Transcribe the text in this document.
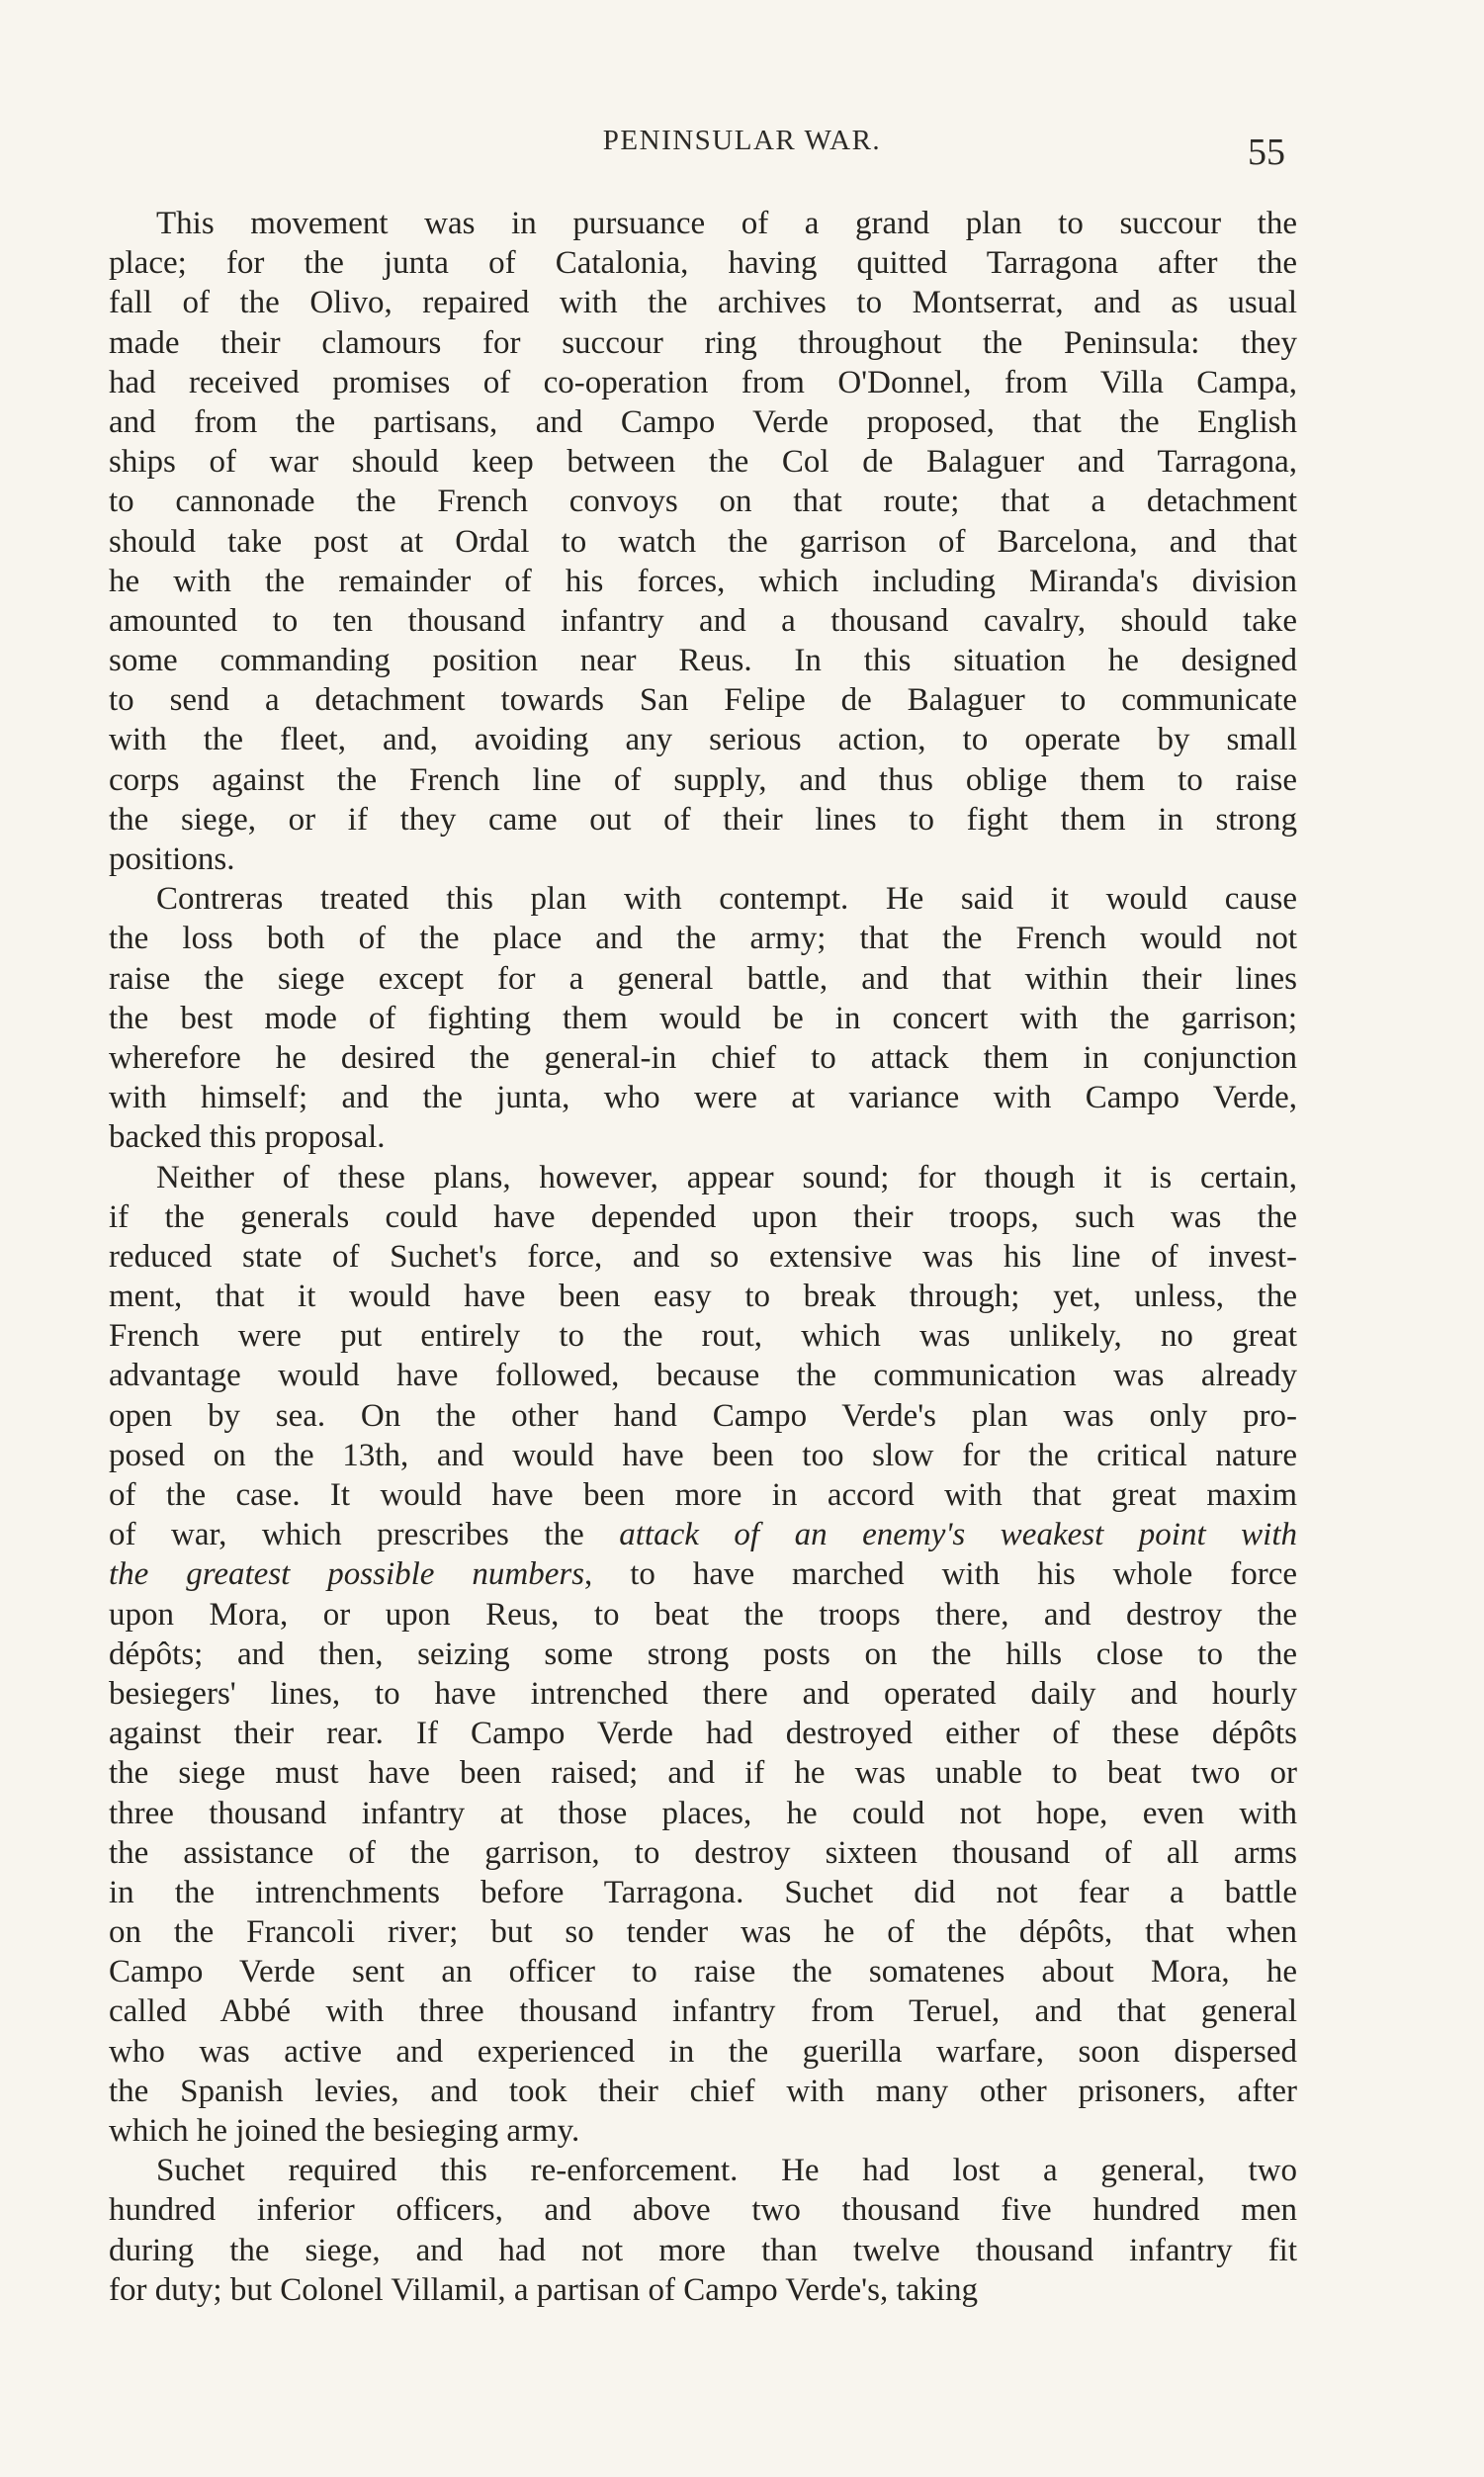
PENINSULAR WAR.	55
This movement was in pursuance of a grand plan to succour the
place; for the junta of Catalonia, having quitted Tarragona after the
fall of the Olivo, repaired with the archives to Montserrat, and as usual
made their clamours for succour ring throughout the Peninsula: they
had received promises of co-operation from O'Donnel, from Villa Campa,
and from the partisans, and Campo Verde proposed, that the English
ships of war should keep between the Col de Balaguer and Tarragona,
to cannonade the French convoys on that route; that a detachment
should take post at Ordal to watch the garrison of Barcelona, and that
he with the remainder of his forces, which including Miranda's division
amounted to ten thousand infantry and a thousand cavalry, should take
some commanding position near Reus. In this situation he designed
to send a detachment towards San Felipe de Balaguer to communicate
with the fleet, and, avoiding any serious action, to operate by small
corps against the French line of supply, and thus oblige them to raise
the siege, or if they came out of their lines to fight them in strong
positions.
Contreras treated this plan with contempt. He said it would cause
the loss both of the place and the army; that the French would not
raise the siege except for a general battle, and that within their lines
the best mode of fighting them would be in concert with the garrison;
wherefore he desired the general-in chief to attack them in conjunction
with himself; and the junta, who were at variance with Campo Verde,
backed this proposal.
Neither of these plans, however, appear sound; for though it is certain,
if the generals could have depended upon their troops, such was the
reduced state of Suchet's force, and so extensive was his line of invest-
ment, that it would have been easy to break through; yet, unless, the
French were put entirely to the rout, which was unlikely, no great
advantage would have followed, because the communication was already
open by sea. On the other hand Campo Verde's plan was only pro-
posed on the 13th, and would have been too slow for the critical nature
of the case. It would have been more in accord with that great maxim
of war, which prescribes the attack of an enemy's weakest point with
the greatest possible numbers, to have marched with his whole force
upon Mora, or upon Reus, to beat the troops there, and destroy the
dépôts; and then, seizing some strong posts on the hills close to the
besiegers' lines, to have intrenched there and operated daily and hourly
against their rear. If Campo Verde had destroyed either of these dépôts
the siege must have been raised; and if he was unable to beat two or
three thousand infantry at those places, he could not hope, even with
the assistance of the garrison, to destroy sixteen thousand of all arms
in the intrenchments before Tarragona. Suchet did not fear a battle
on the Francoli river; but so tender was he of the dépôts, that when
Campo Verde sent an officer to raise the somatenes about Mora, he
called Abbé with three thousand infantry from Teruel, and that general
who was active and experienced in the guerilla warfare, soon dispersed
the Spanish levies, and took their chief with many other prisoners, after
which he joined the besieging army.
Suchet required this re-enforcement. He had lost a general, two
hundred inferior officers, and above two thousand five hundred men
during the siege, and had not more than twelve thousand infantry fit
for duty; but Colonel Villamil, a partisan of Campo Verde's, taking
